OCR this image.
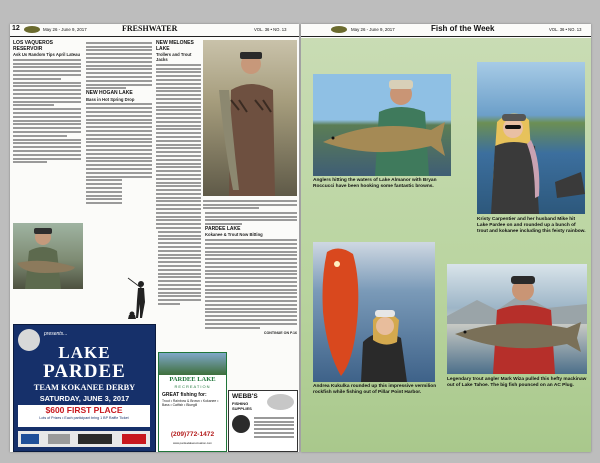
12	May 26 - June 9, 2017	FRESHWATER	VOL. 36 • NO. 13
LOS VAQUEROS RESERVOIR
Ask Us Random Tips April Lateau
NEW HOGAN LAKE
Bass in Hot Spring Drop
NEW MELONES LAKE
Trollers and Trout Jacks
PARDEE LAKE
Kokanee & Trout Now Bitting
CONTINUE ON P.16
presents...
LAKE
PARDEE
TEAM KOKANEE DERBY
SATURDAY, JUNE 3, 2017
$600 FIRST PLACE
Lots of Prizes • Each participant bring 1 BP Raffle Ticket
PARDEE LAKE
RECREATION
GREAT fishing for:
Trout • Rainbow & Brown • Kokanee • Bass • Catfish • Bluegill
(209)772-1472
www.pardeelakerecreation.com
WEBB'S
FISHING
SUPPLIES
May 26 - June 9, 2017	Fish of the Week	VOL. 36 • NO. 13
Anglers hitting the waters of Lake Almanor with Bryan Roccucci have been hooking some fantastic browns.
Kristy Carpentier and her husband Mike hit Lake Pardee on and rounded up a bunch of trout and kokanee including this feisty rainbow.
Andrea Kukulka rounded up this impressive vermilion rockfish while fishing out of Pillar Point Harbor.
Legendary trout angler Mark Wiza pulled this hefty mackinaw out of Lake Tahoe. The big fish pounced on an AC Plug.
